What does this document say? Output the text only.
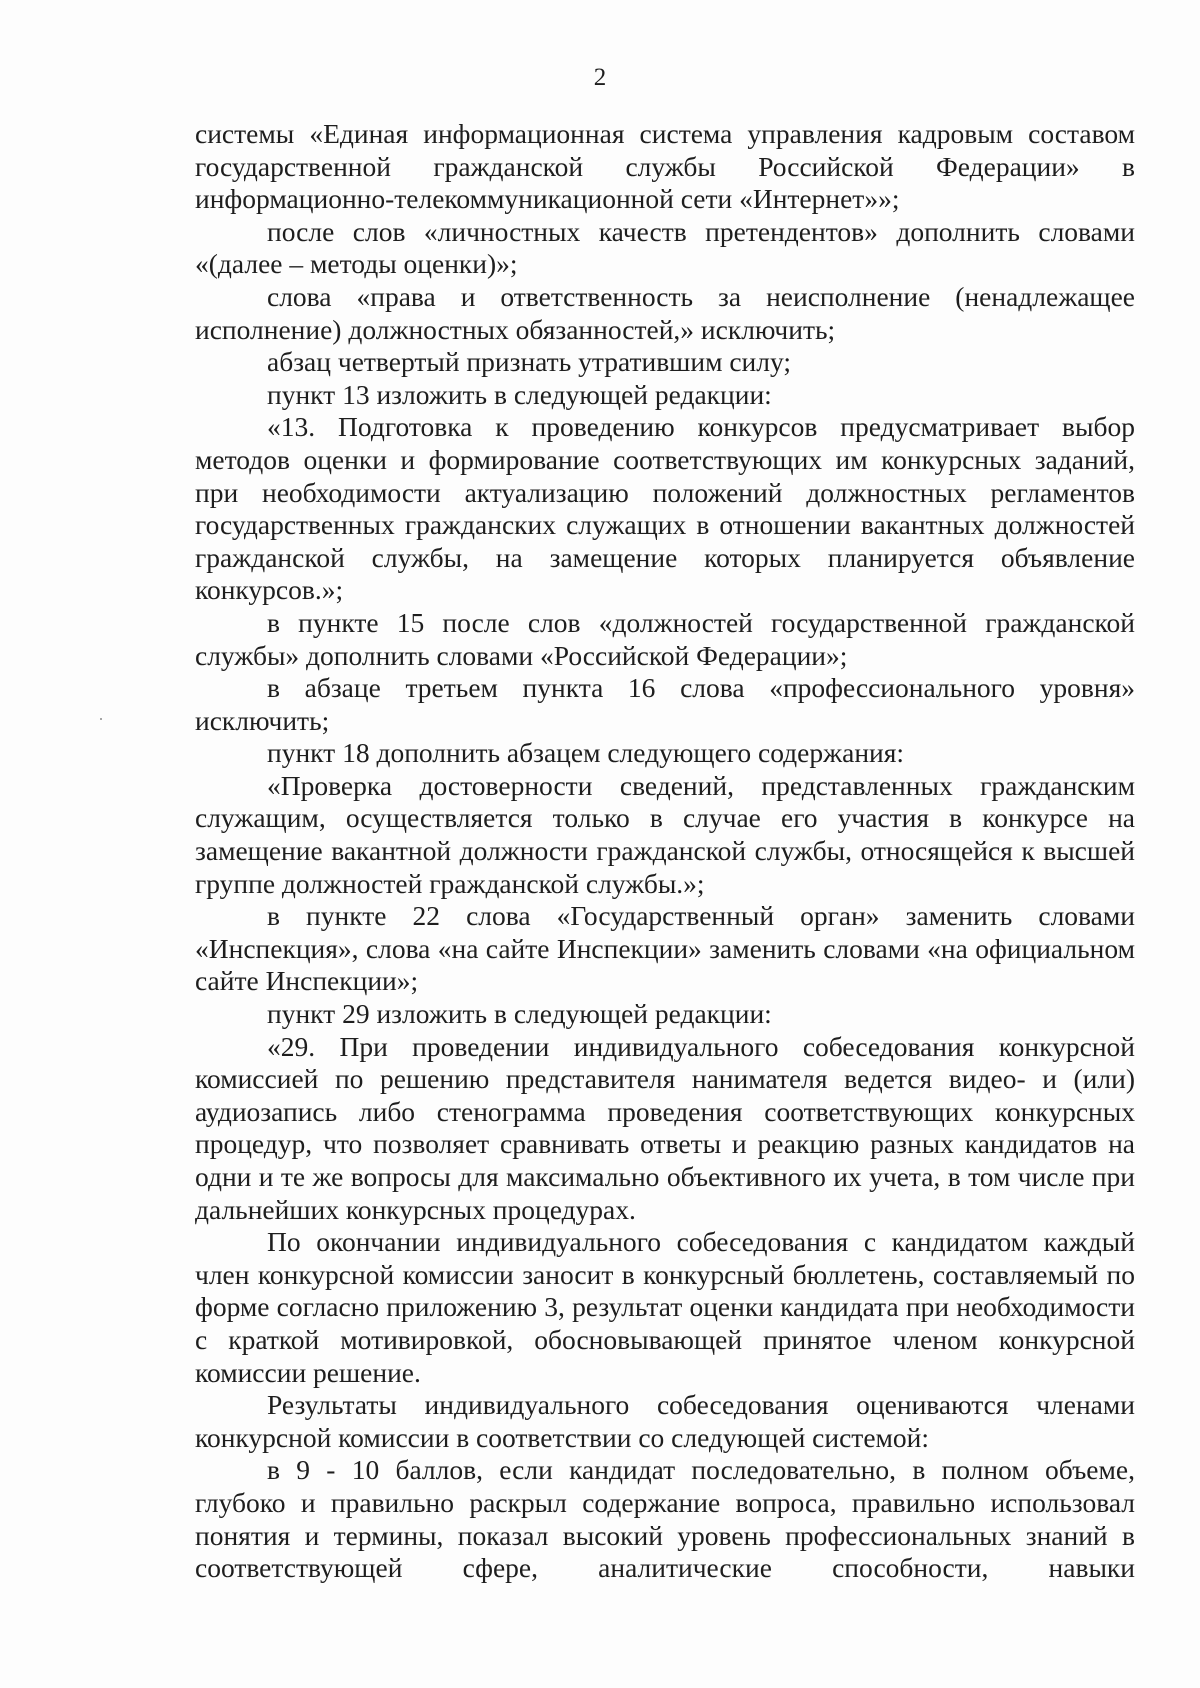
2

системы «Единая информационная система управления кадровым составом государственной гражданской службы Российской Федерации» в информационно-телекоммуникационной сети «Интернет»»;

после слов «личностных качеств претендентов» дополнить словами «(далее – методы оценки)»;

слова «права и ответственность за неисполнение (ненадлежащее исполнение) должностных обязанностей,» исключить;

абзац четвертый признать утратившим силу;

пункт 13 изложить в следующей редакции:

«13. Подготовка к проведению конкурсов предусматривает выбор методов оценки и формирование соответствующих им конкурсных заданий, при необходимости актуализацию положений должностных регламентов государственных гражданских служащих в отношении вакантных должностей гражданской службы, на замещение которых планируется объявление конкурсов.»;

в пункте 15 после слов «должностей государственной гражданской службы» дополнить словами «Российской Федерации»;

в абзаце третьем пункта 16 слова «профессионального уровня» исключить;

пункт 18 дополнить абзацем следующего содержания:

«Проверка достоверности сведений, представленных гражданским служащим, осуществляется только в случае его участия в конкурсе на замещение вакантной должности гражданской службы, относящейся к высшей группе должностей гражданской службы.»;

в пункте 22 слова «Государственный орган» заменить словами «Инспекция», слова «на сайте Инспекции» заменить словами «на официальном сайте Инспекции»;

пункт 29 изложить в следующей редакции:

«29. При проведении индивидуального собеседования конкурсной комиссией по решению представителя нанимателя ведется видео- и (или) аудиозапись либо стенограмма проведения соответствующих конкурсных процедур, что позволяет сравнивать ответы и реакцию разных кандидатов на одни и те же вопросы для максимально объективного их учета, в том числе при дальнейших конкурсных процедурах.

По окончании индивидуального собеседования с кандидатом каждый член конкурсной комиссии заносит в конкурсный бюллетень, составляемый по форме согласно приложению 3, результат оценки кандидата при необходимости с краткой мотивировкой, обосновывающей принятое членом конкурсной комиссии решение.

Результаты индивидуального собеседования оцениваются членами конкурсной комиссии в соответствии со следующей системой:

в 9 - 10 баллов, если кандидат последовательно, в полном объеме, глубоко и правильно раскрыл содержание вопроса, правильно использовал понятия и термины, показал высокий уровень профессиональных знаний в соответствующей сфере, аналитические способности, навыки
